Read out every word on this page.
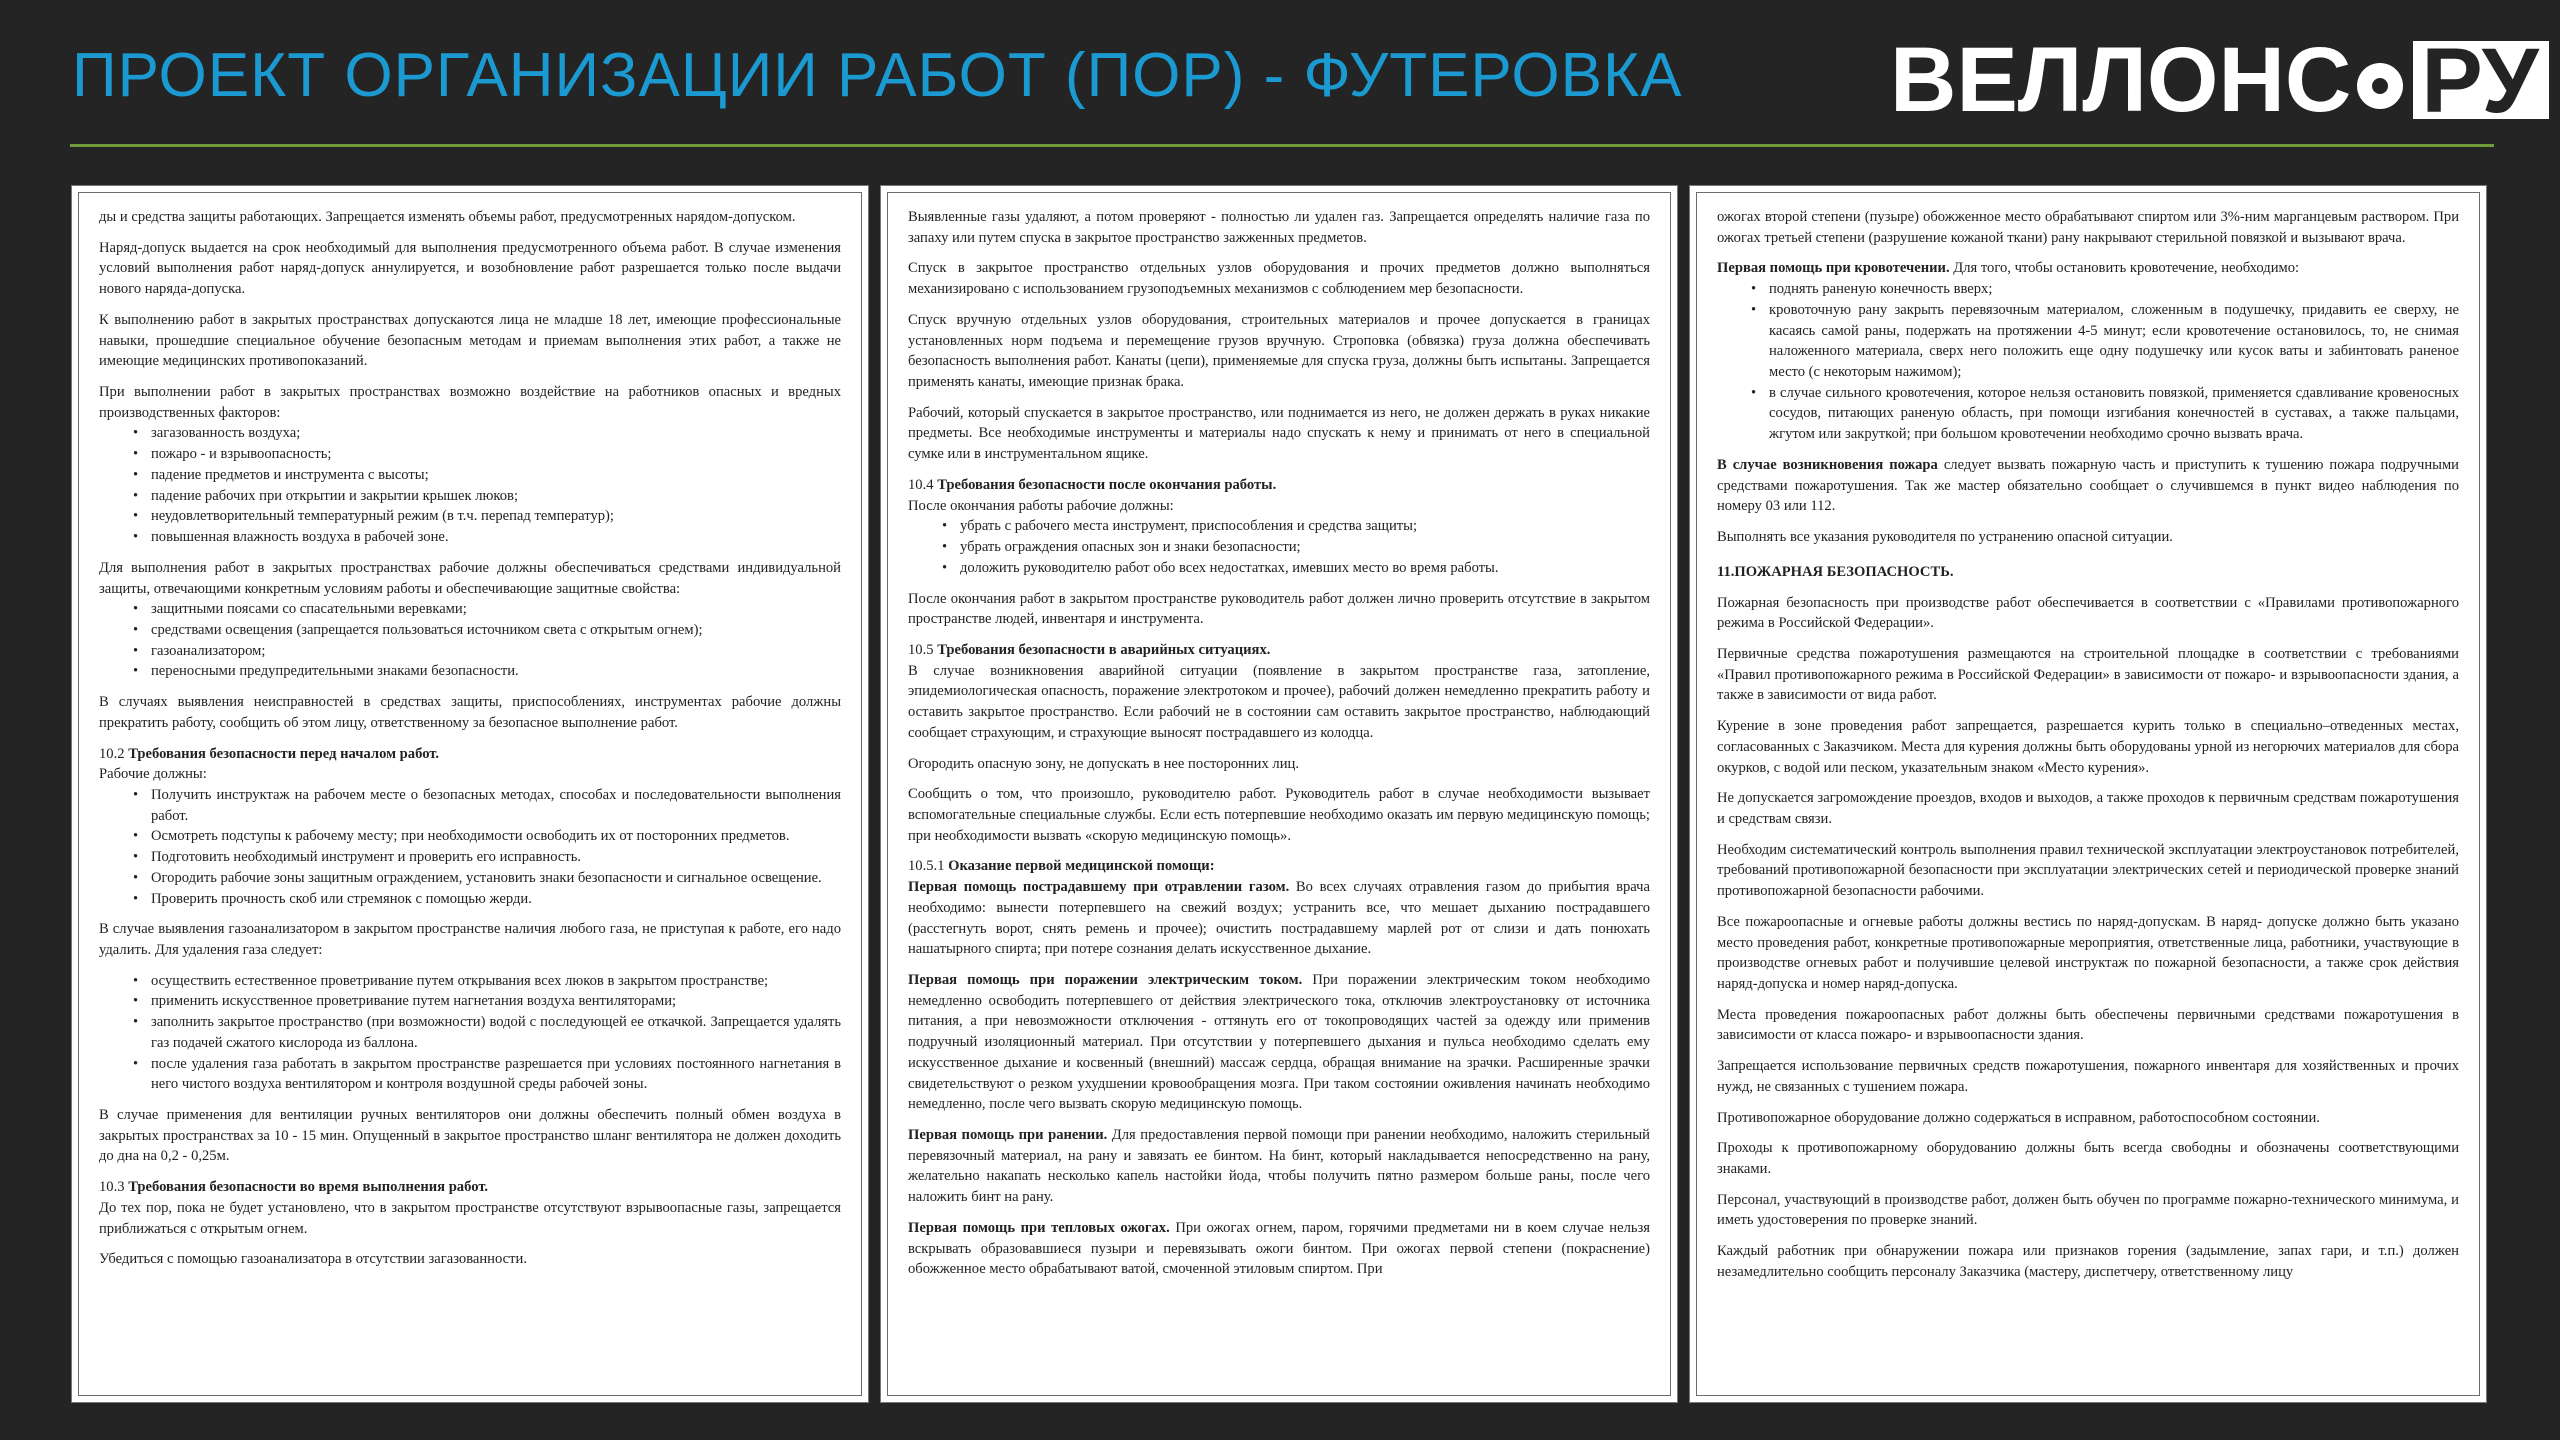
ПРОЕКТ ОРГАНИЗАЦИИ РАБОТ (ПОР) - ФУТЕРОВКА ВЕЛЛОНС РУ
ды и средства защиты работающих. Запрещается изменять объемы работ, предусмотренных нарядом-допуском.
Наряд-допуск выдается на срок необходимый для выполнения предусмотренного объема работ. В случае изменения условий выполнения работ наряд-допуск аннулируется, и возобновление работ разрешается только после выдачи нового наряда-допуска.
К выполнению работ в закрытых пространствах допускаются лица не младше 18 лет, имеющие профессиональные навыки, прошедшие специальное обучение безопасным методам и приемам выполнения этих работ, а также не имеющие медицинских противопоказаний.
При выполнении работ в закрытых пространствах возможно воздействие на работников опасных и вредных производственных факторов:
• загазованность воздуха;
• пожаро - и взрывоопасность;
• падение предметов и инструмента с высоты;
• падение рабочих при открытии и закрытии крышек люков;
• неудовлетворительный температурный режим (в т.ч. перепад температур);
• повышенная влажность воздуха в рабочей зоне.
Для выполнения работ в закрытых пространствах рабочие должны обеспечиваться средствами индивидуальной защиты, отвечающими конкретным условиям работы и обеспечивающие защитные свойства:
• защитными поясами со спасательными веревками;
• средствами освещения (запрещается пользоваться источником света с открытым огнем);
• газоанализатором;
• переносными предупредительными знаками безопасности.
В случаях выявления неисправностей в средствах защиты, приспособлениях, инструментах рабочие должны прекратить работу, сообщить об этом лицу, ответственному за безопасное выполнение работ.
10.2 Требования безопасности перед началом работ.
Рабочие должны:
• Получить инструктаж на рабочем месте о безопасных методах, способах и последовательности выполнения работ.
• Осмотреть подступы к рабочему месту; при необходимости освободить их от посторонних предметов.
• Подготовить необходимый инструмент и проверить его исправность.
• Огородить рабочие зоны защитным ограждением, установить знаки безопасности и сигнальное освещение.
• Проверить прочность скоб или стремянок с помощью жерди.
В случае выявления газоанализатором в закрытом пространстве наличия любого газа, не приступая к работе, его надо удалить. Для удаления газа следует:
• осуществить естественное проветривание путем открывания всех люков в закрытом пространстве;
• применить искусственное проветривание путем нагнетания воздуха вентиляторами;
• заполнить закрытое пространство (при возможности) водой с последующей ее откачкой. Запрещается удалять газ подачей сжатого кислорода из баллона.
• после удаления газа работать в закрытом пространстве разрешается при условиях постоянного нагнетания в него чистого воздуха вентилятором и контроля воздушной среды рабочей зоны.
В случае применения для вентиляции ручных вентиляторов они должны обеспечить полный обмен воздуха в закрытых пространствах за 10 - 15 мин. Опущенный в закрытое пространство шланг вентилятора не должен доходить до дна на 0,2 - 0,25м.
10.3 Требования безопасности во время выполнения работ.
До тех пор, пока не будет установлено, что в закрытом пространстве отсутствуют взрывоопасные газы, запрещается приближаться с открытым огнем.
Убедиться с помощью газоанализатора в отсутствии загазованности.
Выявленные газы удаляют, а потом проверяют - полностью ли удален газ. Запрещается определять наличие газа по запаху или путем спуска в закрытое пространство зажженных предметов.
Спуск в закрытое пространство отдельных узлов оборудования и прочих предметов должно выполняться механизировано с использованием грузоподъемных механизмов с соблюдением мер безопасности.
Спуск вручную отдельных узлов оборудования, строительных материалов и прочее допускается в границах установленных норм подъема и перемещение грузов вручную. Строповка (обвязка) груза должна обеспечивать безопасность выполнения работ. Канаты (цепи), применяемые для спуска груза, должны быть испытаны. Запрещается применять канаты, имеющие признак брака.
Рабочий, который спускается в закрытое пространство, или поднимается из него, не должен держать в руках никакие предметы. Все необходимые инструменты и материалы надо спускать к нему и принимать от него в специальной сумке или в инструментальном ящике.
10.4 Требования безопасности после окончания работы.
После окончания работы рабочие должны:
• убрать с рабочего места инструмент, приспособления и средства защиты;
• убрать ограждения опасных зон и знаки безопасности;
• доложить руководителю работ обо всех недостатках, имевших место во время работы.
После окончания работ в закрытом пространстве руководитель работ должен лично проверить отсутствие в закрытом пространстве людей, инвентаря и инструмента.
10.5 Требования безопасности в аварийных ситуациях.
В случае возникновения аварийной ситуации (появление в закрытом пространстве газа, затопление, эпидемиологическая опасность, поражение электротоком и прочее), рабочий должен немедленно прекратить работу и оставить закрытое пространство. Если рабочий не в состоянии сам оставить закрытое пространство, наблюдающий сообщает страхующим, и страхующие выносят пострадавшего из колодца.
Огородить опасную зону, не допускать в нее посторонних лиц.
Сообщить о том, что произошло, руководителю работ. Руководитель работ в случае необходимости вызывает вспомогательные специальные службы. Если есть потерпевшие необходимо оказать им первую медицинскую помощь; при необходимости вызвать «скорую медицинскую помощь».
10.5.1 Оказание первой медицинской помощи:
Первая помощь пострадавшему при отравлении газом. Во всех случаях отравления газом до прибытия врача необходимо: вынести потерпевшего на свежий воздух; устранить все, что мешает дыханию пострадавшего (расстегнуть ворот, снять ремень и прочее); очистить пострадавшему марлей рот от слизи и дать понюхать нашатырного спирта; при потере сознания делать искусственное дыхание.
Первая помощь при поражении электрическим током. При поражении электрическим током необходимо немедленно освободить потерпевшего от действия электрического тока, отключив электроустановку от источника питания, а при невозможности отключения - оттянуть его от токопроводящих частей за одежду или применив подручный изоляционный материал. При отсутствии у потерпевшего дыхания и пульса необходимо сделать ему искусственное дыхание и косвенный (внешний) массаж сердца, обращая внимание на зрачки. Расширенные зрачки свидетельствуют о резком ухудшении кровообращения мозга. При таком состоянии оживления начинать необходимо немедленно, после чего вызвать скорую медицинскую помощь.
Первая помощь при ранении. Для предоставления первой помощи при ранении необходимо, наложить стерильный перевязочный материал, на рану и завязать ее бинтом. На бинт, который накладывается непосредственно на рану, желательно накапать несколько капель настойки йода, чтобы получить пятно размером больше раны, после чего наложить бинт на рану.
Первая помощь при тепловых ожогах. При ожогах огнем, паром, горячими предметами ни в коем случае нельзя вскрывать образовавшиеся пузыри и перевязывать ожоги бинтом. При ожогах первой степени (покраснение) обожженное место обрабатывают ватой, смоченной этиловым спиртом. При
ожогах второй степени (пузыре) обожженное место обрабатывают спиртом или 3%-ним марганцевым раствором. При ожогах третьей степени (разрушение кожаной ткани) рану накрывают стерильной повязкой и вызывают врача.
Первая помощь при кровотечении. Для того, чтобы остановить кровотечение, необходимо:
• поднять раненую конечность вверх;
• кровоточную рану закрыть перевязочным материалом, сложенным в подушечку, придавить ее сверху, не касаясь самой раны, подержать на протяжении 4-5 минут; если кровотечение остановилось, то, не снимая наложенного материала, сверх него положить еще одну подушечку или кусок ваты и забинтовать раненое место (с некоторым нажимом);
• в случае сильного кровотечения, которое нельзя остановить повязкой, применяется сдавливание кровеносных сосудов, питающих раненую область, при помощи изгибания конечностей в суставах, а также пальцами, жгутом или закруткой; при большом кровотечении необходимо срочно вызвать врача.
В случае возникновения пожара следует вызвать пожарную часть и приступить к тушению пожара подручными средствами пожаротушения. Так же мастер обязательно сообщает о случившемся в пункт видео наблюдения по номеру 03 или 112.
Выполнять все указания руководителя по устранению опасной ситуации.
11.ПОЖАРНАЯ БЕЗОПАСНОСТЬ.
Пожарная безопасность при производстве работ обеспечивается в соответствии с «Правилами противопожарного режима в Российской Федерации».
Первичные средства пожаротушения размещаются на строительной площадке в соответствии с требованиями «Правил противопожарного режима в Российской Федерации» в зависимости от пожаро- и взрывоопасности здания, а также в зависимости от вида работ.
Курение в зоне проведения работ запрещается, разрешается курить только в специально–отведенных местах, согласованных с Заказчиком. Места для курения должны быть оборудованы урной из негорючих материалов для сбора окурков, с водой или песком, указательным знаком «Место курения».
Не допускается загромождение проездов, входов и выходов, а также проходов к первичным средствам пожаротушения и средствам связи.
Необходим систематический контроль выполнения правил технической эксплуатации электроустановок потребителей, требований противопожарной безопасности при эксплуатации электрических сетей и периодической проверке знаний противопожарной безопасности рабочими.
Все пожароопасные и огневые работы должны вестись по наряд-допускам. В наряд- допуске должно быть указано место проведения работ, конкретные противопожарные мероприятия, ответственные лица, работники, участвующие в производстве огневых работ и получившие целевой инструктаж по пожарной безопасности, а также срок действия наряд-допуска и номер наряд-допуска.
Места проведения пожароопасных работ должны быть обеспечены первичными средствами пожаротушения в зависимости от класса пожаро- и взрывоопасности здания.
Запрещается использование первичных средств пожаротушения, пожарного инвентаря для хозяйственных и прочих нужд, не связанных с тушением пожара.
Противопожарное оборудование должно содержаться в исправном, работоспособном состоянии.
Проходы к противопожарному оборудованию должны быть всегда свободны и обозначены соответствующими знаками.
Персонал, участвующий в производстве работ, должен быть обучен по программе пожарно-технического минимума, и иметь удостоверения по проверке знаний.
Каждый работник при обнаружении пожара или признаков горения (задымление, запах гари, и т.п.) должен незамедлительно сообщить персоналу Заказчика (мастеру, диспетчеру, ответственному лицу
